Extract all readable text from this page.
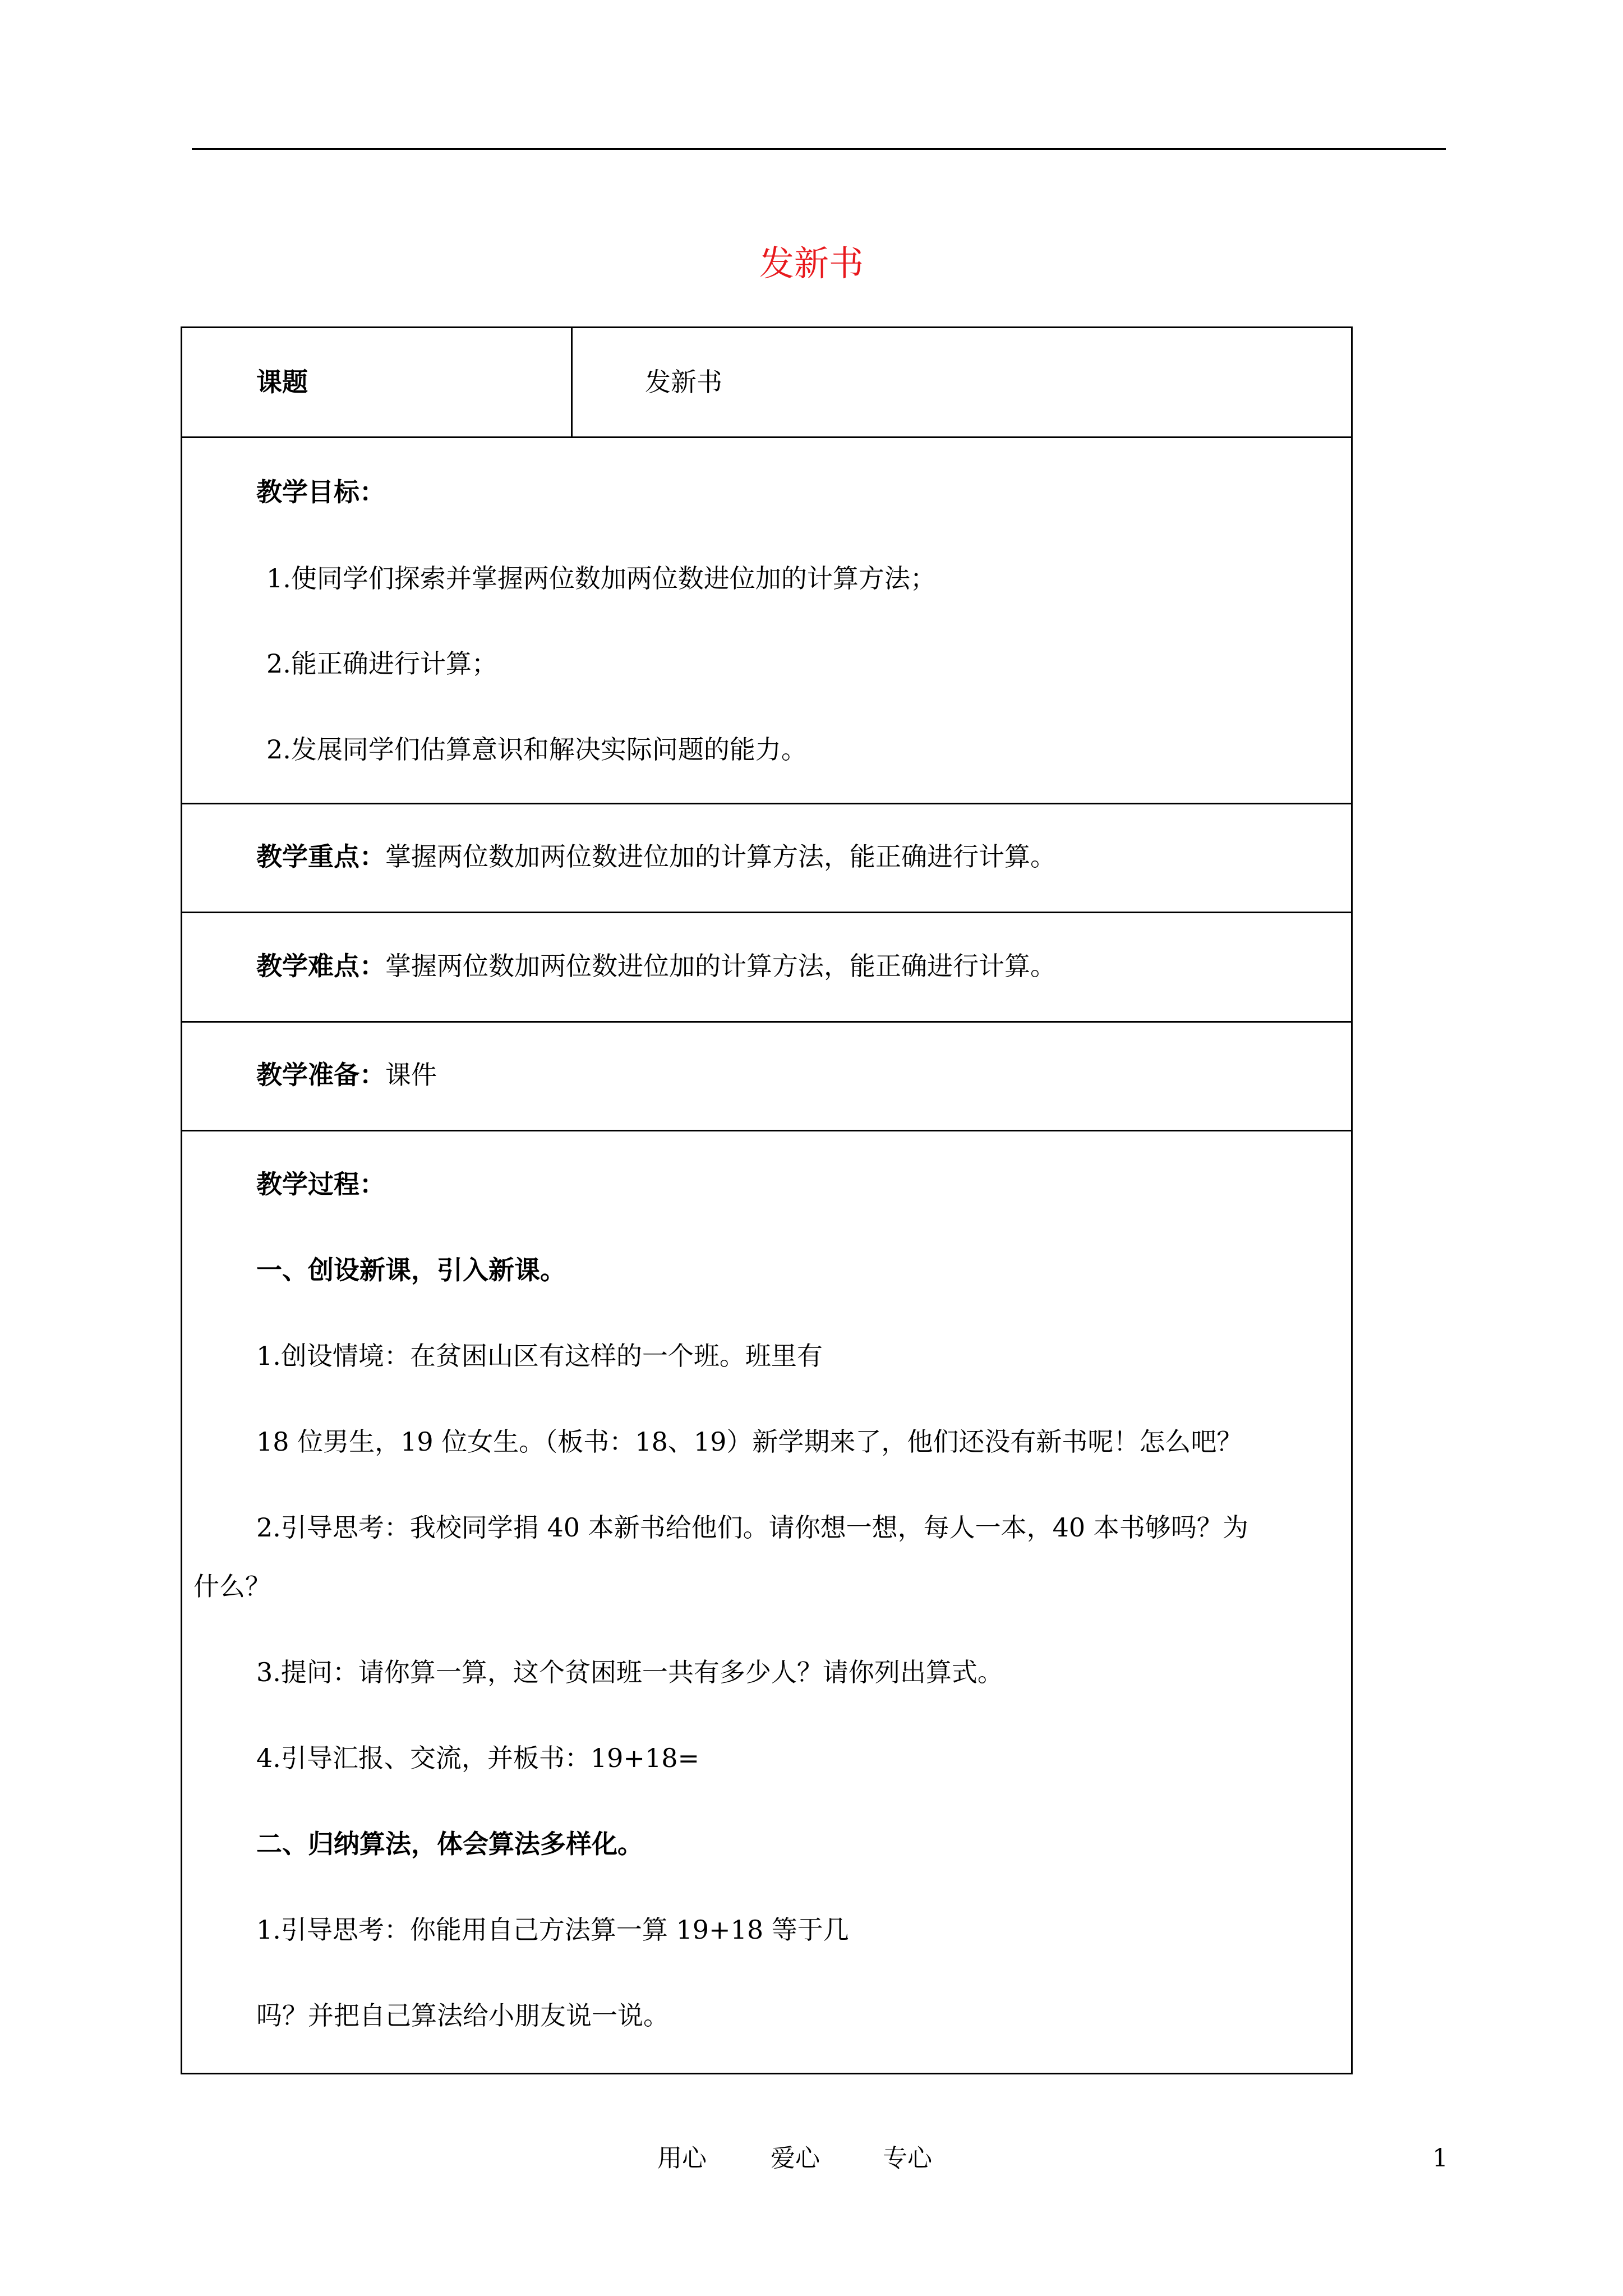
发新书
课题	发新书
教学目标：
1.使同学们探索并掌握两位数加两位数进位加的计算方法；
2.能正确进行计算；
2.发展同学们估算意识和解决实际问题的能力。
教学重点：掌握两位数加两位数进位加的计算方法，能正确进行计算。
教学难点：掌握两位数加两位数进位加的计算方法，能正确进行计算。
教学准备：课件
教学过程：
一、创设新课，引入新课。
1.创设情境：在贫困山区有这样的一个班。班里有
18 位男生，19 位女生。（板书：18、19）新学期来了，他们还没有新书呢！怎么吧？
2.引导思考：我校同学捐 40 本新书给他们。请你想一想，每人一本，40 本书够吗？为
什么？
3.提问：请你算一算，这个贫困班一共有多少人？请你列出算式。
4.引导汇报、交流，并板书：19+18=
二、归纳算法，体会算法多样化。
1.引导思考：你能用自己方法算一算 19+18 等于几
吗？并把自己算法给小朋友说一说。
用心	爱心	专心	1
